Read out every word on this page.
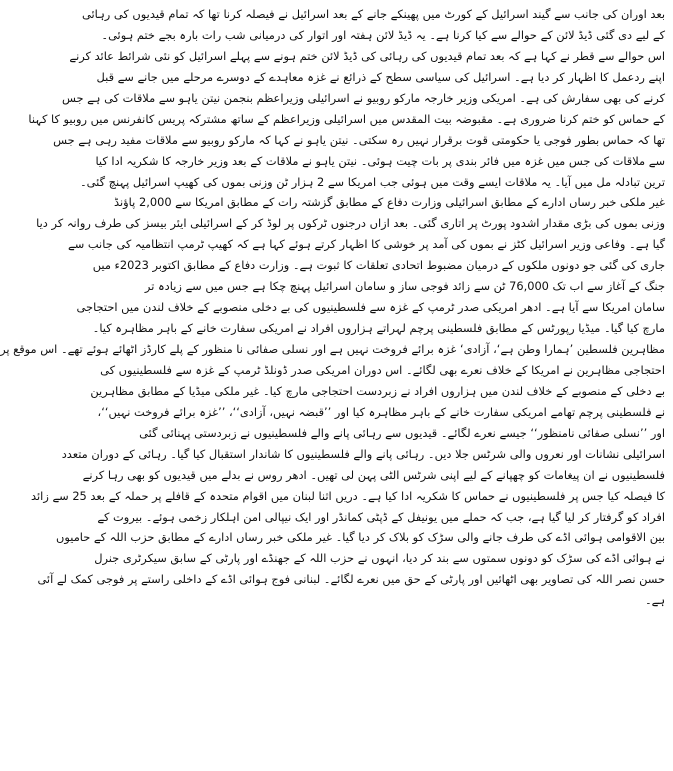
بعد اوران کی جانب سے گیند اسرائیل کے کورٹ میں پھینکے جانے کے بعد اسرائیل نے فیصلہ کرنا تھا کہ تمام قیدیوں کی رہائی
کے لیے دی گئی ڈیڈ لائن کے حوالے سے کیا کرنا ہے۔ یہ ڈیڈ لائن ہفتہ اور اتوار کی درمیانی شب رات بارہ بجے ختم ہوئی۔
اس حوالے سے قطر نے کہا ہے کہ بعد تمام قیدیوں کی رہائی کی ڈیڈ لائن ختم ہونے سے پہلے اسرائیل کو نئی شرائط عائد کرنے
اپنے ردعمل کا اظہار کر دیا ہے۔ اسرائیل کی سیاسی سطح کے ذرائع نے غزہ معاہدے کے دوسرے مرحلے میں جانے سے قبل
کرنے کی بھی سفارش کی ہے۔ امریکی وزیر خارجہ مارکو روبیو نے اسرائیلی وزیراعظم بنجمن نیتن یاہو سے ملاقات کی ہے جس
کے حماس کو ختم کرنا ضروری ہے۔ مقبوضہ بیت المقدس میں اسرائیلی وزیراعظم کے ساتھ مشترکہ پریس کانفرنس میں روبیو کا کہنا
تھا کہ حماس بطور فوجی یا حکومتی قوت برقرار نہیں رہ سکتی۔ نیتن یاہو نے کہا کہ مارکو روبیو سے ملاقات مفید رہی ہے جس
سے ملاقات کی جس میں غزہ میں فائر بندی پر بات چیت ہوئی۔ نیتن یاہو نے ملاقات کے بعد وزیر خارجہ کا شکریہ ادا کیا
ترین تبادلہ مل میں آیا۔ یہ ملاقات ایسے وقت میں ہوئی جب امریکا سے 2 ہزار ٹن وزنی بموں کی کھیپ اسرائیل پہنچ گئی۔
غیر ملکی خبر رساں ادارے کے مطابق اسرائیلی وزارت دفاع کے مطابق گزشتہ رات کے مطابق امریکا سے 2,000 پاؤنڈ
وزنی بموں کی بڑی مقدار اشدود پورٹ پر اتاری گئی۔ بعد ازاں درجنوں ٹرکوں پر لوڈ کر کے اسرائیلی ایئر بیسز کی طرف روانہ کر دیا
گیا ہے۔ وفاعی وزیر اسرائیل کٹز نے بموں کی آمد پر خوشی کا اظہار کرتے ہوئے کہا ہے کہ کھیپ ٹرمپ انتظامیہ کی جانب سے
جاری کی گئی جو دونوں ملکوں کے درمیان مضبوط اتحادی تعلقات کا ثبوت ہے۔ وزارت دفاع کے مطابق اکتوبر 2023ء میں
جنگ کے آغاز سے اب تک 76,000 ٹن سے زائد فوجی ساز و سامان اسرائیل پہنچ چکا ہے جس میں سے زیادہ تر
سامان امریکا سے آیا ہے۔ ادھر امریکی صدر ٹرمپ کے غزہ سے فلسطینیوں کی بے دخلی منصوبے کے خلاف لندن میں احتجاجی
مارچ کیا گیا۔ میڈیا رپورٹس کے مطابق فلسطینی پرچم لہراتے ہزاروں افراد نے امریکی سفارت خانے کے باہر مظاہرہ کیا۔
مظاہرین فلسطین ’ہمارا وطن ہے‘، آزادی‘ غزہ برائے فروخت نہیں ہے اور نسلی صفائی نا منظور کے پلے کارڈز اٹھائے ہوئے تھے۔ اس موقع پر
احتجاجی مظاہرین نے امریکا کے خلاف نعرے بھی لگائے۔ اس دوران امریکی صدر ڈونلڈ ٹرمپ کے غزہ سے فلسطینیوں کی
بے دخلی کے منصوبے کے خلاف لندن میں ہزاروں افراد نے زبردست احتجاجی مارچ کیا۔ غیر ملکی میڈیا کے مطابق مظاہرین
نے فلسطینی پرچم تھامے امریکی سفارت خانے کے باہر مظاہرہ کیا اور ’’قبضہ نہیں، آزادی‘‘، ’’غزہ برائے فروخت نہیں‘‘،
اور ’’نسلی صفائی نامنظور‘‘ جیسے نعرے لگائے۔ قیدیوں سے رہائی پانے والے فلسطینیوں نے زبردستی پہنائی گئی
اسرائیلی نشانات اور نعروں والی شرٹس جلا دیں۔ رہائی پانے والے فلسطینیوں کا شاندار استقبال کیا گیا۔ رہائی کے دوران متعدد
فلسطینیوں نے ان پیغامات کو چھپانے کے لیے اپنی شرٹس الٹی پہن لی تھیں۔ ادھر روس نے بدلے میں قیدیوں کو بھی رہا کرنے
کا فیصلہ کیا جس پر فلسطینیوں نے حماس کا شکریہ ادا کیا ہے۔ دریں اثنا لبنان میں اقوام متحدہ کے قافلے پر حملہ کے بعد 25 سے زائد
افراد کو گرفتار کر لیا گیا ہے، جب کہ حملے میں یونیفل کے ڈپٹی کمانڈر اور ایک نیپالی امن اہلکار زخمی ہوئے۔ بیروت کے
بین الاقوامی ہوائی اڈے کی طرف جانے والی سڑک کو بلاک کر دیا گیا۔ غیر ملکی خبر رساں ادارے کے مطابق حزب اللہ کے حامیوں
نے ہوائی اڈے کی سڑک کو دونوں سمتوں سے بند کر دیا، انہوں نے حزب اللہ کے جھنڈے اور پارٹی کے سابق سیکرٹری جنرل
حسن نصر اللہ کی تصاویر بھی اٹھائیں اور پارٹی کے حق میں نعرے لگائے۔ لبنانی فوج ہوائی اڈے کے داخلی راستے پر فوجی کمک لے آئی
ہے۔
